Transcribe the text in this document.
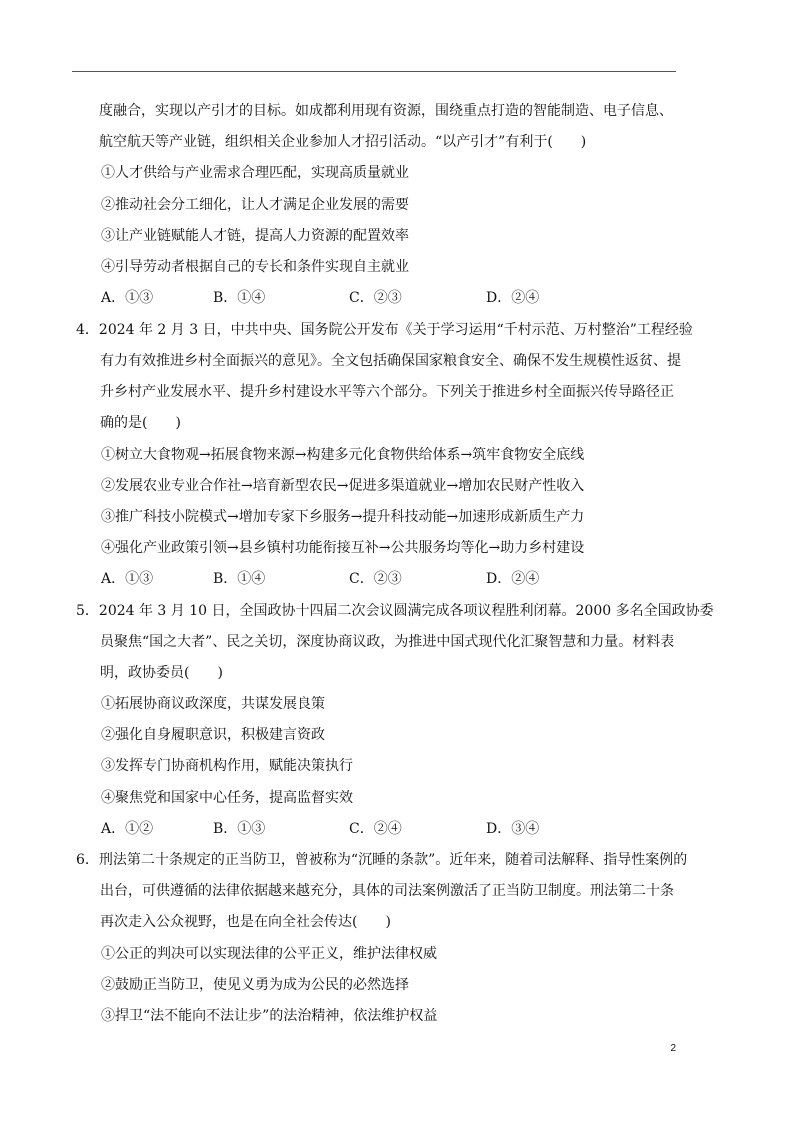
度融合，实现以产引才的目标。如成都利用现有资源，围绕重点打造的智能制造、电子信息、
航空航天等产业链，组织相关企业参加人才招引活动。“以产引才”有利于(　　)
①人才供给与产业需求合理匹配，实现高质量就业
②推动社会分工细化，让人才满足企业发展的需要
③让产业链赋能人才链，提高人力资源的配置效率
④引导劳动者根据自己的专长和条件实现自主就业
A．①③	B．①④	C．②③	D．②④
4．2024 年 2 月 3 日，中共中央、国务院公开发布《关于学习运用“千村示范、万村整治”工程经验
有力有效推进乡村全面振兴的意见》。全文包括确保国家粮食安全、确保不发生规模性返贫、提
升乡村产业发展水平、提升乡村建设水平等六个部分。下列关于推进乡村全面振兴传导路径正
确的是(　　)
①树立大食物观→拓展食物来源→构建多元化食物供给体系→筑牢食物安全底线
②发展农业专业合作社→培育新型农民→促进多渠道就业→增加农民财产性收入
③推广科技小院模式→增加专家下乡服务→提升科技动能→加速形成新质生产力
④强化产业政策引领→县乡镇村功能衔接互补→公共服务均等化→助力乡村建设
A．①③	B．①④	C．②③	D．②④
5．2024 年 3 月 10 日，全国政协十四届二次会议圆满完成各项议程胜利闭幕。2000 多名全国政协委
员聚焦“国之大者”、民之关切，深度协商议政，为推进中国式现代化汇聚智慧和力量。材料表
明，政协委员(　　)
①拓展协商议政深度，共谋发展良策
②强化自身履职意识，积极建言资政
③发挥专门协商机构作用，赋能决策执行
④聚焦党和国家中心任务，提高监督实效
A．①②	B．①③	C．②④	D．③④
6．刑法第二十条规定的正当防卫，曾被称为“沉睡的条款”。近年来，随着司法解释、指导性案例的
出台，可供遵循的法律依据越来越充分，具体的司法案例激活了正当防卫制度。刑法第二十条
再次走入公众视野，也是在向全社会传达(　　)
①公正的判决可以实现法律的公平正义，维护法律权威
②鼓励正当防卫，使见义勇为成为公民的必然选择
③捍卫“法不能向不法让步”的法治精神，依法维护权益
2
